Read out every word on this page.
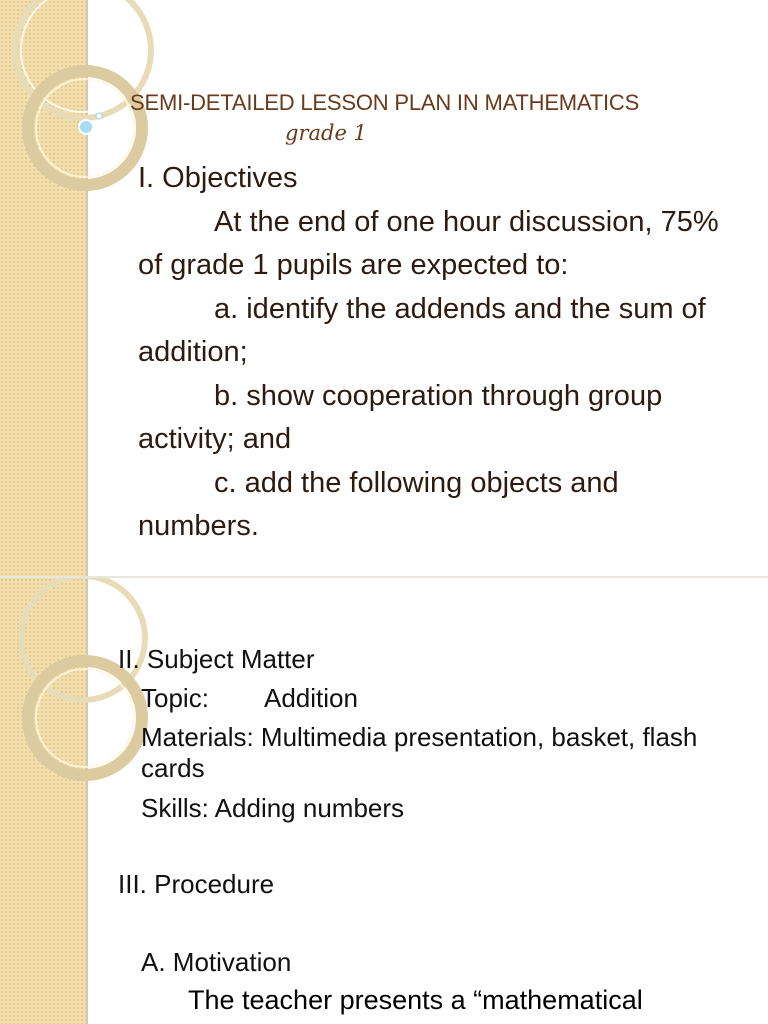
SEMI-DETAILED LESSON PLAN IN MATHEMATICS
grade 1

I. Objectives

At the end of one hour discussion, 75% of grade 1 pupils are expected to:

a. identify the addends and the sum of addition;

b. show cooperation through group activity; and

c. add the following objects and numbers.

II. Subject Matter

Topic: Addition

Materials: Multimedia presentation, basket, flash cards

Skills: Adding numbers

III. Procedure

A. Motivation

The teacher presents a “mathematical
